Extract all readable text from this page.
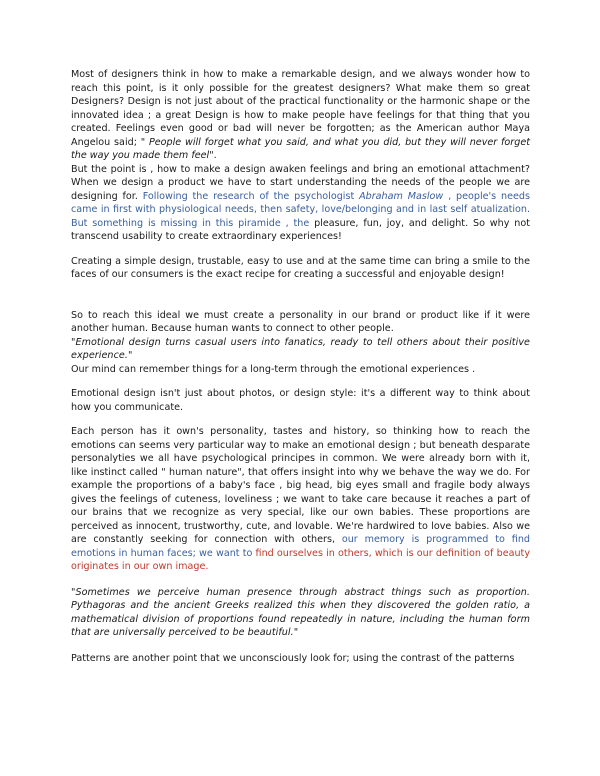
Most of designers think in how to make a remarkable design, and we always wonder how to reach this point, is it only possible for the greatest designers? What make them so great Designers? Design is not just about of the practical functionality or the harmonic shape or the innovated idea ; a great Design is how to make people have feelings for that thing that you created. Feelings even good or bad will never be forgotten; as the American author Maya Angelou said; " People will forget what you said, and what you did, but they will never forget the way you made them feel".
But the point is , how to make a design awaken feelings and bring an emotional attachment? When we design a product we have to start understanding the needs of the people we are designing for. Following the research of the psychologist Abraham Maslow , people's needs came in first with physiological needs, then safety, love/belonging and in last self atualization. But something is missing in this piramide , the pleasure, fun, joy, and delight. So why not transcend usability to create extraordinary experiences!

Creating a simple design, trustable, easy to use and at the same time can bring a smile to the faces of our consumers is the exact recipe for creating a successful and enjoyable design!

So to reach this ideal we must create a personality in our brand or product like if it were another human. Because human wants to connect to other people.
"Emotional design turns casual users into fanatics, ready to tell others about their positive experience."
Our mind can remember things for a long-term through the emotional experiences .

Emotional design isn't just about photos, or design style: it's a different way to think about how you communicate.

Each person has it own's personality, tastes and history, so thinking how to reach the emotions can seems very particular way to make an emotional design ; but beneath desparate personalyties we all have psychological principes in common. We were already born with it, like instinct called " human nature", that offers insight into why we behave the way we do. For example the proportions of a baby's face , big head, big eyes small and fragile body always gives the feelings of cuteness, loveliness ; we want to take care because it reaches a part of our brains that we recognize as very special, like our own babies. These proportions are perceived as innocent, trustworthy, cute, and lovable. We're hardwired to love babies. Also we are constantly seeking for connection with others, our memory is programmed to find emotions in human faces; we want to find ourselves in others, which is our definition of beauty originates in our own image.

"Sometimes we perceive human presence through abstract things such as proportion. Pythagoras and the ancient Greeks realized this when they discovered the golden ratio, a mathematical division of proportions found repeatedly in nature, including the human form that are universally perceived to be beautiful."

Patterns are another point that we unconsciously look for; using the contrast of the patterns
